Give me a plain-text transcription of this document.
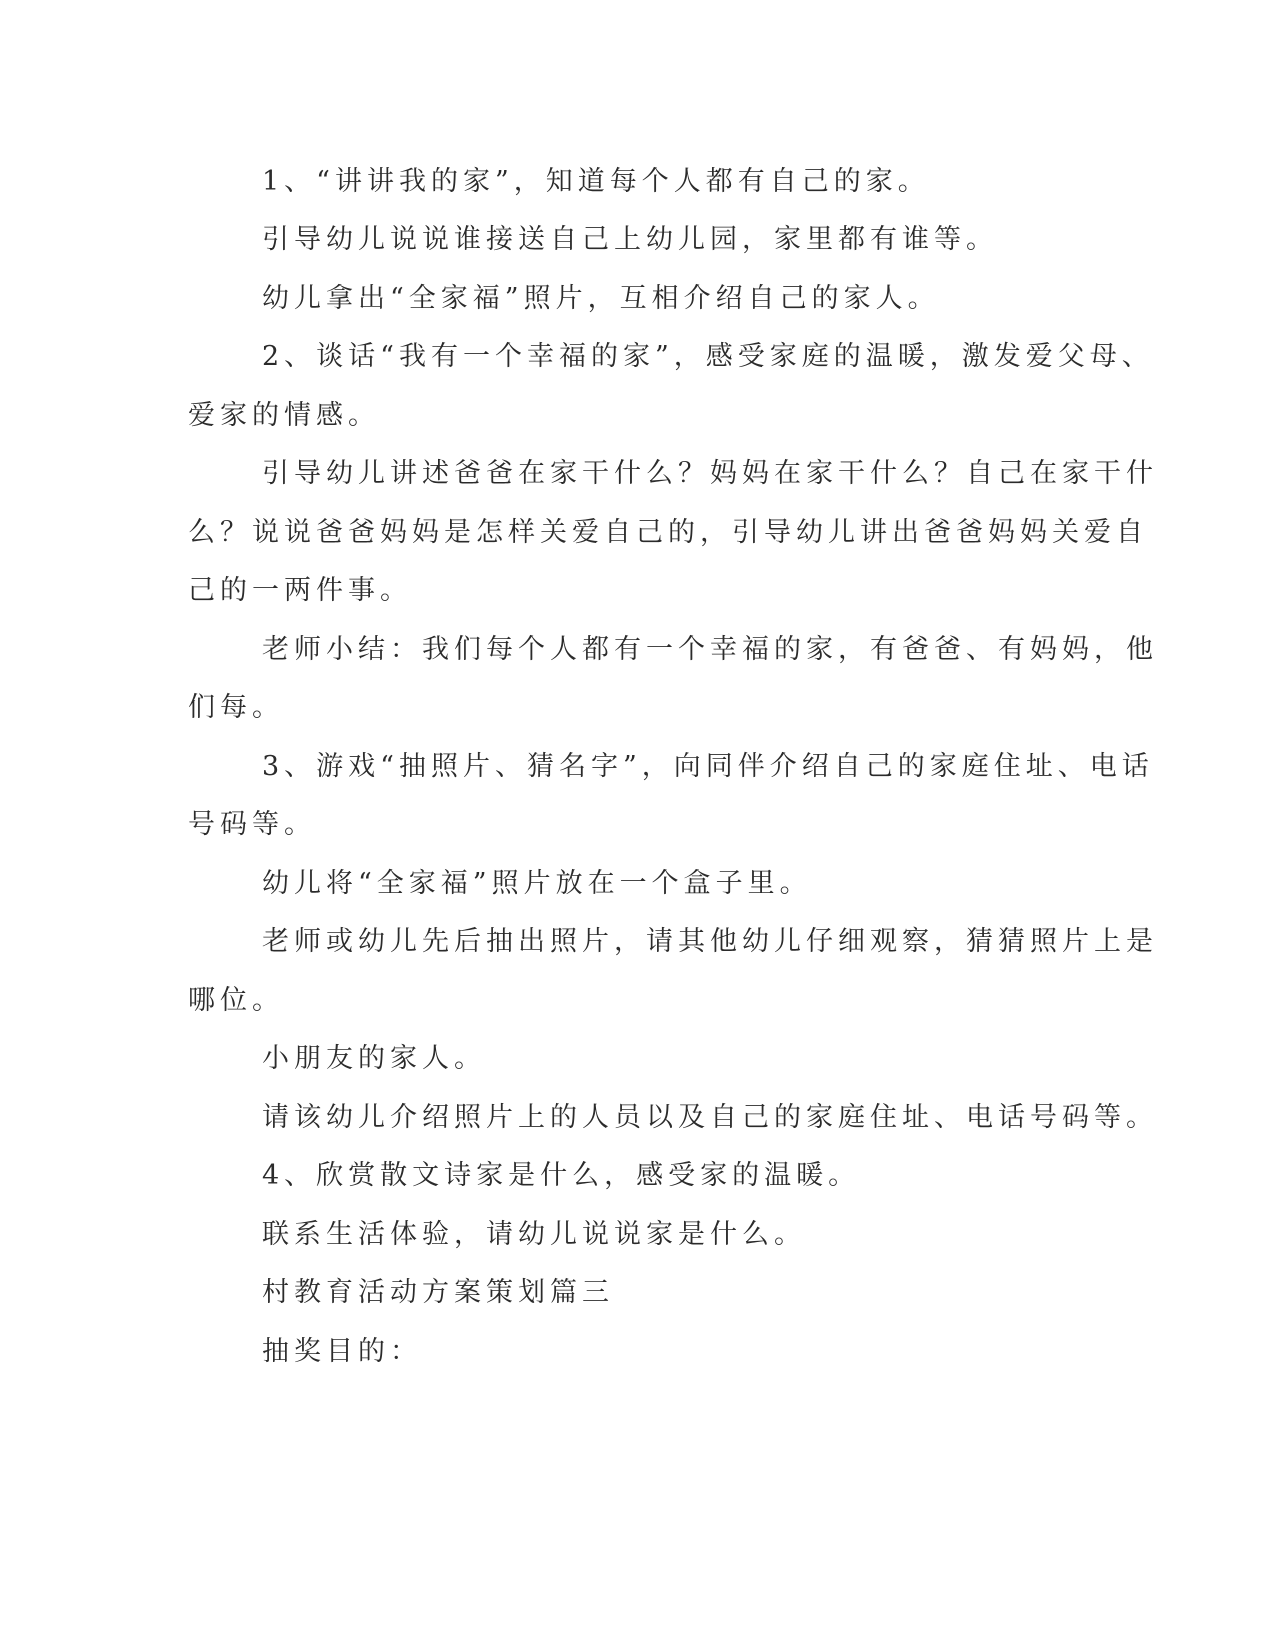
1、“讲讲我的家”，知道每个人都有自己的家。

引导幼儿说说谁接送自己上幼儿园，家里都有谁等。

幼儿拿出“全家福”照片，互相介绍自己的家人。

2、谈话“我有一个幸福的家”，感受家庭的温暖，激发爱父母、

爱家的情感。

引导幼儿讲述爸爸在家干什么？妈妈在家干什么？自己在家干什

么？说说爸爸妈妈是怎样关爱自己的，引导幼儿讲出爸爸妈妈关爱自

己的一两件事。

老师小结：我们每个人都有一个幸福的家，有爸爸、有妈妈，他

们每。

3、游戏“抽照片、猜名字”，向同伴介绍自己的家庭住址、电话

号码等。

幼儿将“全家福”照片放在一个盒子里。

老师或幼儿先后抽出照片，请其他幼儿仔细观察，猜猜照片上是

哪位。

小朋友的家人。

请该幼儿介绍照片上的人员以及自己的家庭住址、电话号码等。

4、欣赏散文诗家是什么，感受家的温暖。

联系生活体验，请幼儿说说家是什么。

村教育活动方案策划篇三

抽奖目的：
